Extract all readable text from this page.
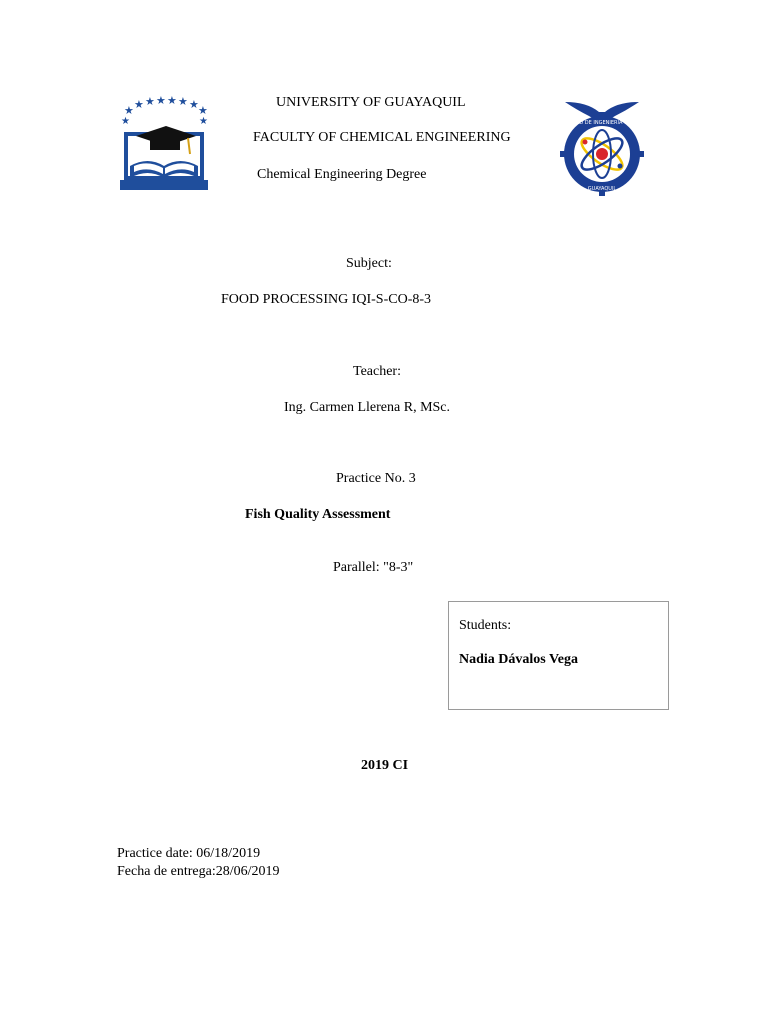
★ ★ ★ ★ ★ ★ ★ ★
★	★	FACULTAD DE INGENIERIA QUIMICA
GUAYAQUIL
UNIVERSITY OF GUAYAQUIL
FACULTY OF CHEMICAL ENGINEERING
Chemical Engineering Degree
Subject:
FOOD PROCESSING IQI-S-CO-8-3
Teacher:
Ing. Carmen Llerena R, MSc.
Practice No. 3
Fish Quality Assessment
Parallel: "8-3"
Students:
Nadia Dávalos Vega
2019 CI
Practice date: 06/18/2019
Fecha de entrega:28/06/2019
